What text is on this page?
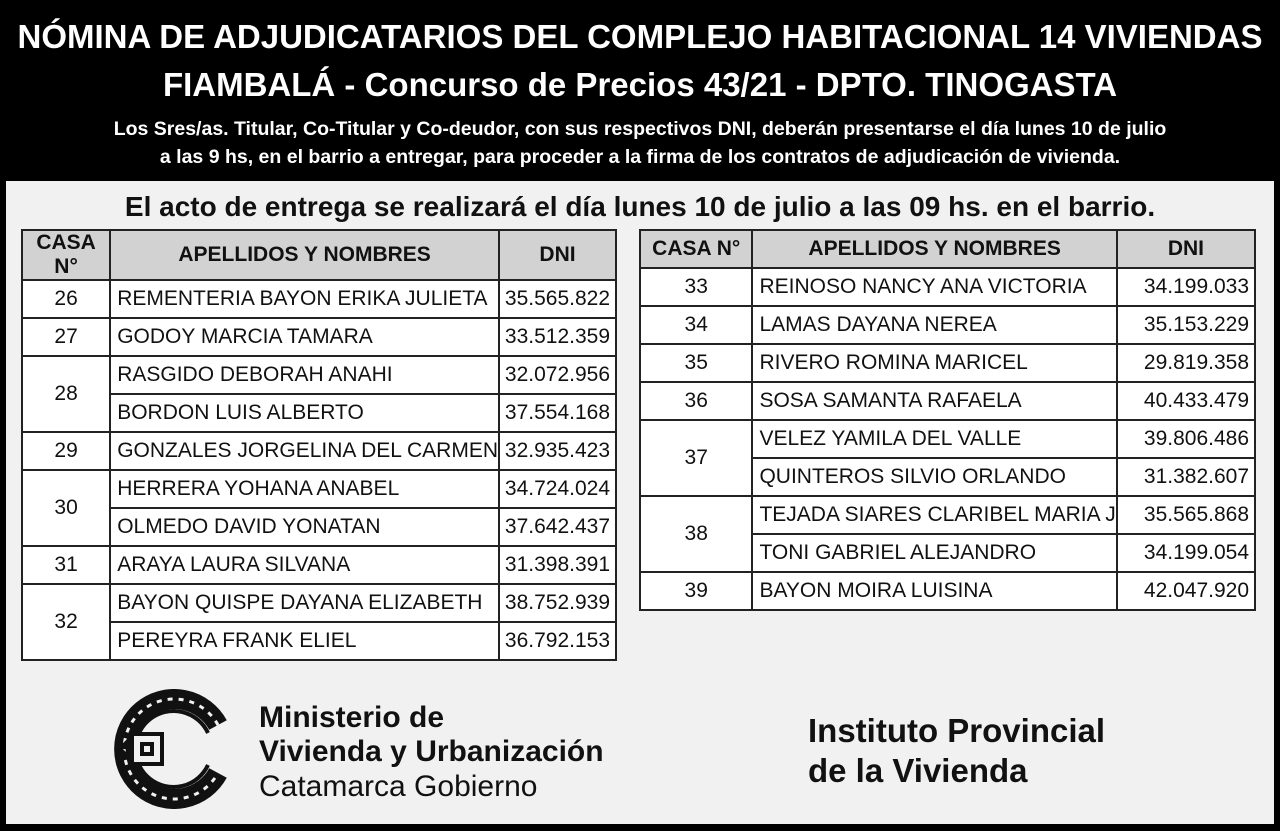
NÓMINA DE ADJUDICATARIOS DEL COMPLEJO HABITACIONAL 14 VIVIENDAS
FIAMBALÁ - Concurso de Precios 43/21 - DPTO. TINOGASTA
Los Sres/as. Titular, Co-Titular y Co-deudor, con sus respectivos DNI, deberán presentarse el día lunes 10 de julio
a las 9 hs, en el barrio a entregar, para proceder a la firma de los contratos de adjudicación de vivienda.
El acto de entrega se realizará el día lunes 10 de julio a las 09 hs. en el barrio.
CASA N°	APELLIDOS Y NOMBRES	DNI
26	REMENTERIA BAYON ERIKA JULIETA	35.565.822
27	GODOY MARCIA TAMARA	33.512.359
28	RASGIDO DEBORAH ANAHI	32.072.956
	BORDON LUIS ALBERTO	37.554.168
29	GONZALES JORGELINA DEL CARMEN	32.935.423
30	HERRERA YOHANA ANABEL	34.724.024
	OLMEDO DAVID YONATAN	37.642.437
31	ARAYA LAURA SILVANA	31.398.391
32	BAYON QUISPE DAYANA ELIZABETH	38.752.939
	PEREYRA FRANK ELIEL	36.792.153
CASA N°	APELLIDOS Y NOMBRES	DNI
33	REINOSO NANCY ANA VICTORIA	34.199.033
34	LAMAS DAYANA NEREA	35.153.229
35	RIVERO ROMINA MARICEL	29.819.358
36	SOSA SAMANTA RAFAELA	40.433.479
37	VELEZ YAMILA DEL VALLE	39.806.486
	QUINTEROS SILVIO ORLANDO	31.382.607
38	TEJADA SIARES CLARIBEL MARIA J	35.565.868
	TONI GABRIEL ALEJANDRO	34.199.054
39	BAYON MOIRA LUISINA	42.047.920
Ministerio de
Vivienda y Urbanización
Catamarca Gobierno
Instituto Provincial
de la Vivienda
